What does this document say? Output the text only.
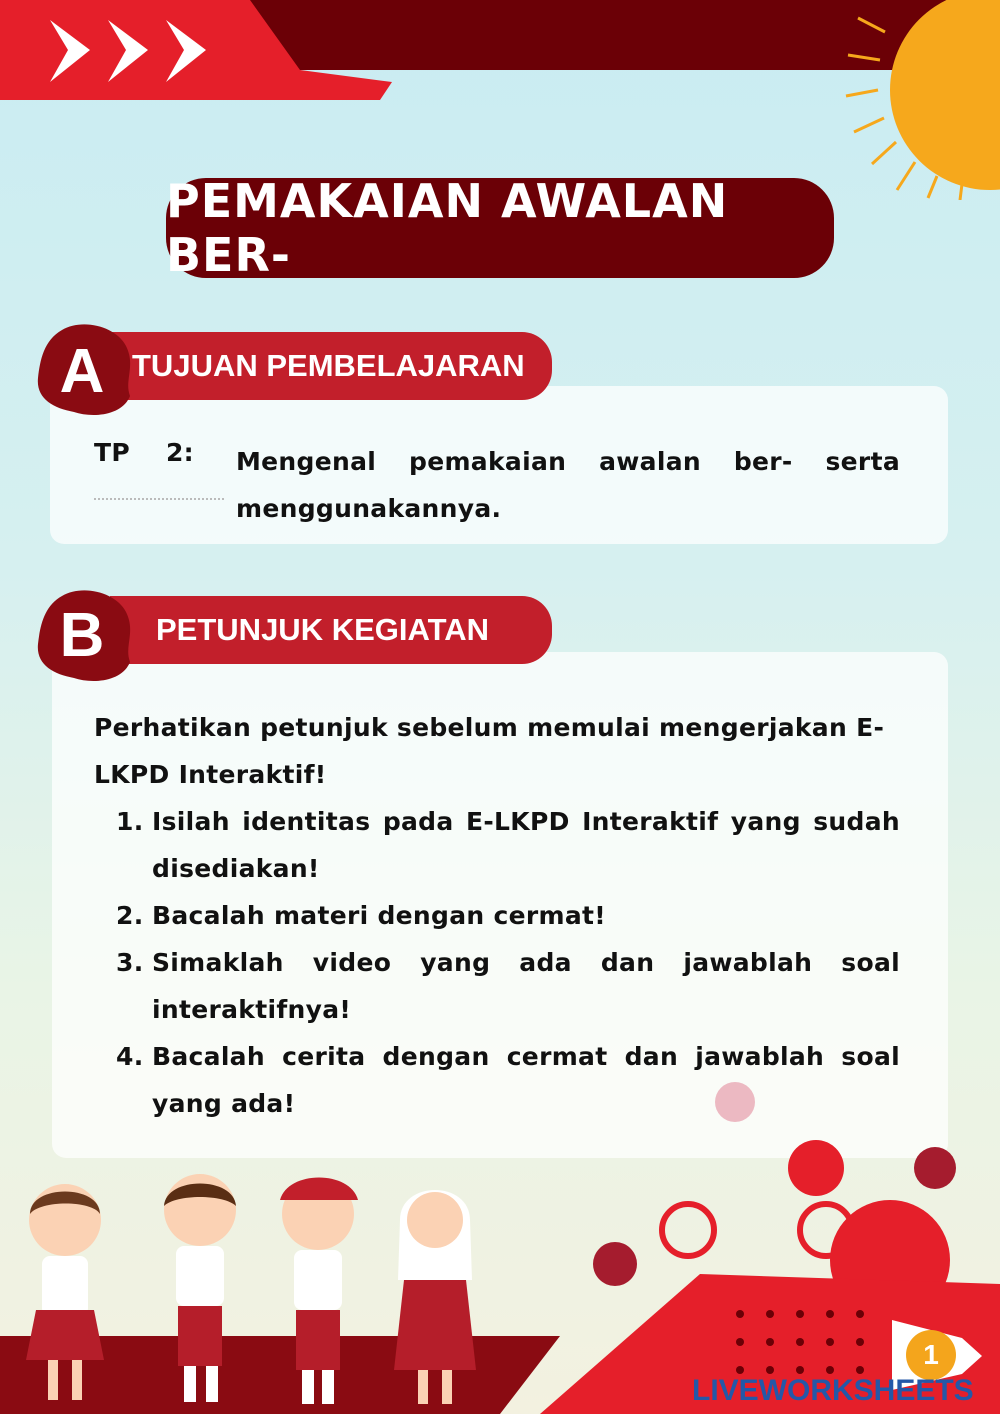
PEMAKAIAN AWALAN BER-
TUJUAN PEMBELAJARAN
A
TP    2:	Mengenal pemakaian awalan ber- serta menggunakannya.
PETUNJUK KEGIATAN
B
Perhatikan petunjuk sebelum memulai mengerjakan E-LKPD Interaktif!
1. Isilah identitas pada E-LKPD Interaktif yang sudah disediakan!
2. Bacalah materi dengan cermat!
3. Simaklah video yang ada dan jawablah soal interaktifnya!
4. Bacalah cerita dengan cermat dan jawablah soal yang ada!
1
LIVEWORKSHEETS
